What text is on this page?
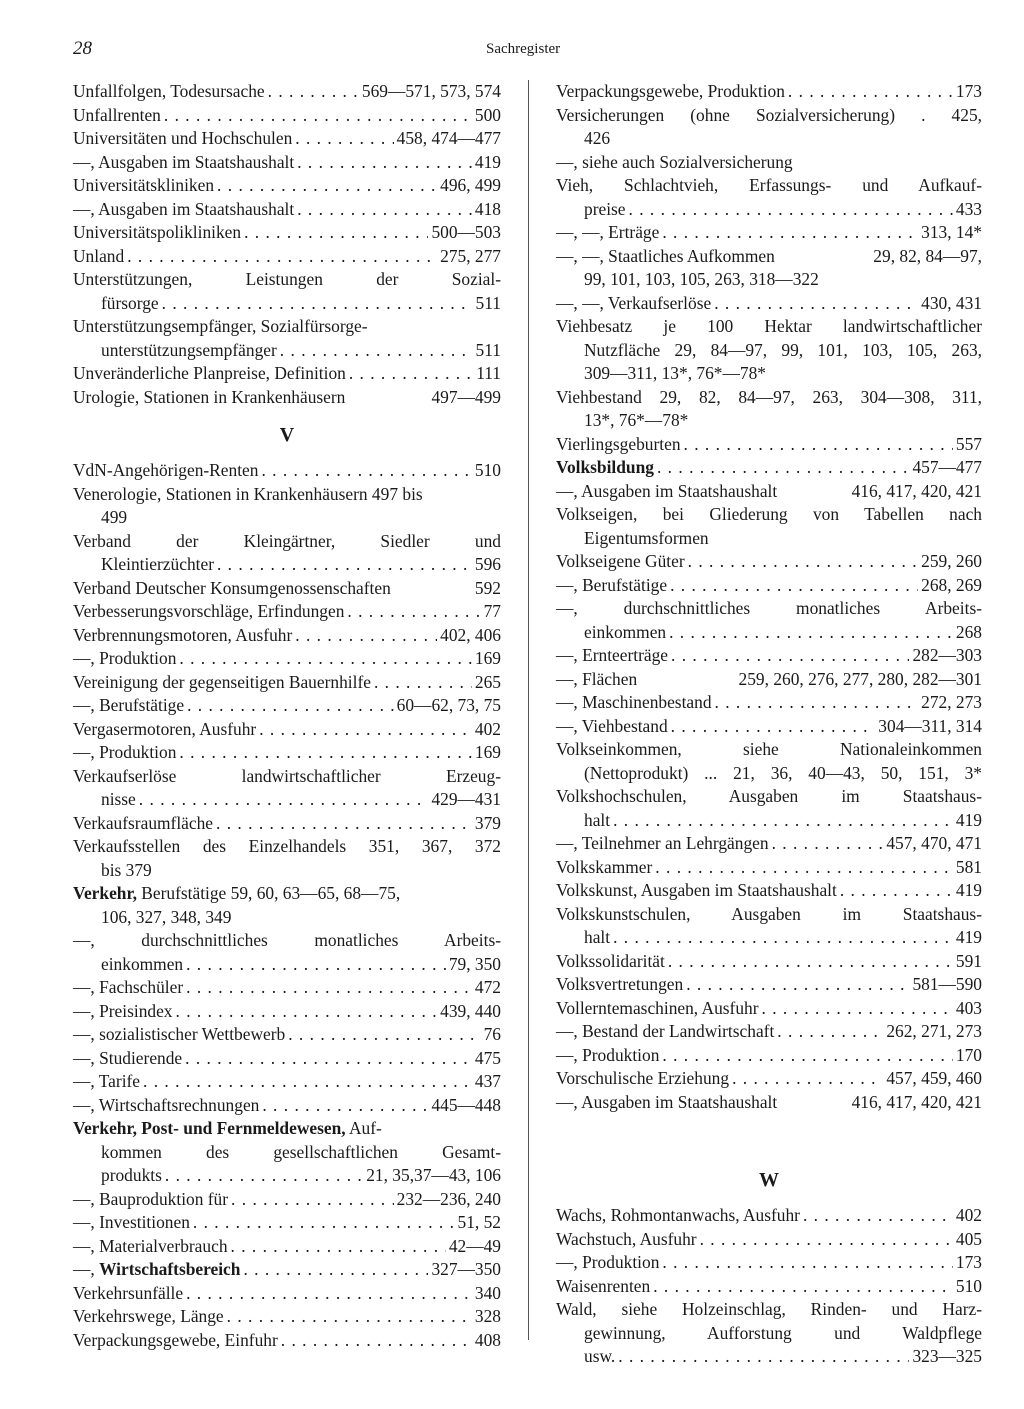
28	Sachregister
Unfallfolgen, Todesursache . . .	569—571, 573, 574
Unfallrenten . . .	500
Universitäten und Hochschulen . . .	458, 474—477
—, Ausgaben im Staatshaushalt . . .	419
Universitätskliniken . . .	496, 499
—, Ausgaben im Staatshaushalt . . .	418
Universitätspolikliniken . . .	500—503
Unland . . .	275, 277
Unterstützungen, Leistungen der Sozial-
fürsorge . . .	511
Unterstützungsempfänger, Sozialfürsorge-
unterstützungsempfänger . . .	511
Unveränderliche Planpreise, Definition . . .	111
Urologie, Stationen in Krankenhäusern	497—499
V
VdN-Angehörigen-Renten . . .	510
Venerologie, Stationen in Krankenhäusern 497 bis
499
Verband der Kleingärtner, Siedler und
Kleintierzüchter . . .	596
Verband Deutscher Konsumgenossenschaften	592
Verbesserungsvorschläge, Erfindungen . . .	77
Verbrennungsmotoren, Ausfuhr . . .	402, 406
—, Produktion . . .	169
Vereinigung der gegenseitigen Bauernhilfe . . .	265
—, Berufstätige . . .	60—62, 73, 75
Vergasermotoren, Ausfuhr . . .	402
—, Produktion . . .	169
Verkaufserlöse landwirtschaftlicher Erzeug-
nisse . . .	429—431
Verkaufsraumfläche . . .	379
Verkaufsstellen des Einzelhandels 351, 367, 372
bis 379
Verkehr, Berufstätige 59, 60, 63—65, 68—75,
106, 327, 348, 349
—, durchschnittliches monatliches Arbeits-
einkommen . . .	79, 350
—, Fachschüler . . .	472
—, Preisindex . . .	439, 440
—, sozialistischer Wettbewerb . . .	76
—, Studierende . . .	475
—, Tarife . . .	437
—, Wirtschaftsrechnungen . . .	445—448
Verkehr, Post- und Fernmeldewesen, Auf-
kommen des gesellschaftlichen Gesamt-
produkts . . .	21, 35,37—43, 106
—, Bauproduktion für . . .	232—236, 240
—, Investitionen . . .	51, 52
—, Materialverbrauch . . .	42—49
—, Wirtschaftsbereich . . .	327—350
Verkehrsunfälle . . .	340
Verkehrswege, Länge . . .	328
Verpackungsgewebe, Einfuhr . . .	408
Verpackungsgewebe, Produktion . . .	173
Versicherungen (ohne Sozialversicherung) . 425,
426
—, siehe auch Sozialversicherung
Vieh, Schlachtvieh, Erfassungs- und Aufkauf-
preise . . .	433
—, —, Erträge . . .	313, 14*
—, —, Staatliches Aufkommen	29, 82, 84—97,
99, 101, 103, 105, 263, 318—322
—, —, Verkaufserlöse . . .	430, 431
Viehbesatz je 100 Hektar landwirtschaftlicher
Nutzfläche 29, 84—97, 99, 101, 103, 105, 263,
309—311, 13*, 76*—78*
Viehbestand 29, 82, 84—97, 263, 304—308, 311,
13*, 76*—78*
Vierlingsgeburten . . .	557
Volksbildung . . .	457—477
—, Ausgaben im Staatshaushalt	416, 417, 420, 421
Volkseigen, bei Gliederung von Tabellen nach
Eigentumsformen
Volkseigene Güter . . .	259, 260
—, Berufstätige . . .	268, 269
—, durchschnittliches monatliches Arbeits-
einkommen . . .	268
—, Ernteerträge . . .	282—303
—, Flächen	259, 260, 276, 277, 280, 282—301
—, Maschinenbestand . . .	272, 273
—, Viehbestand . . .	304—311, 314
Volkseinkommen, siehe Nationaleinkommen
(Nettoprodukt) ... 21, 36, 40—43, 50, 151, 3*
Volkshochschulen, Ausgaben im Staatshaus-
halt . . .	419
—, Teilnehmer an Lehrgängen . . .	457, 470, 471
Volkskammer . . .	581
Volkskunst, Ausgaben im Staatshaushalt . . .	419
Volkskunstschulen, Ausgaben im Staatshaus-
halt . . .	419
Volkssolidarität . . .	591
Volksvertretungen . . .	581—590
Vollerntemaschinen, Ausfuhr . . .	403
—, Bestand der Landwirtschaft . . .	262, 271, 273
—, Produktion . . .	170
Vorschulische Erziehung . . .	457, 459, 460
—, Ausgaben im Staatshaushalt	416, 417, 420, 421
W
Wachs, Rohmontanwachs, Ausfuhr . . .	402
Wachstuch, Ausfuhr . . .	405
—, Produktion . . .	173
Waisenrenten . . .	510
Wald, siehe Holzeinschlag, Rinden- und Harz-
gewinnung, Aufforstung und Waldpflege
usw. . . .	323—325
